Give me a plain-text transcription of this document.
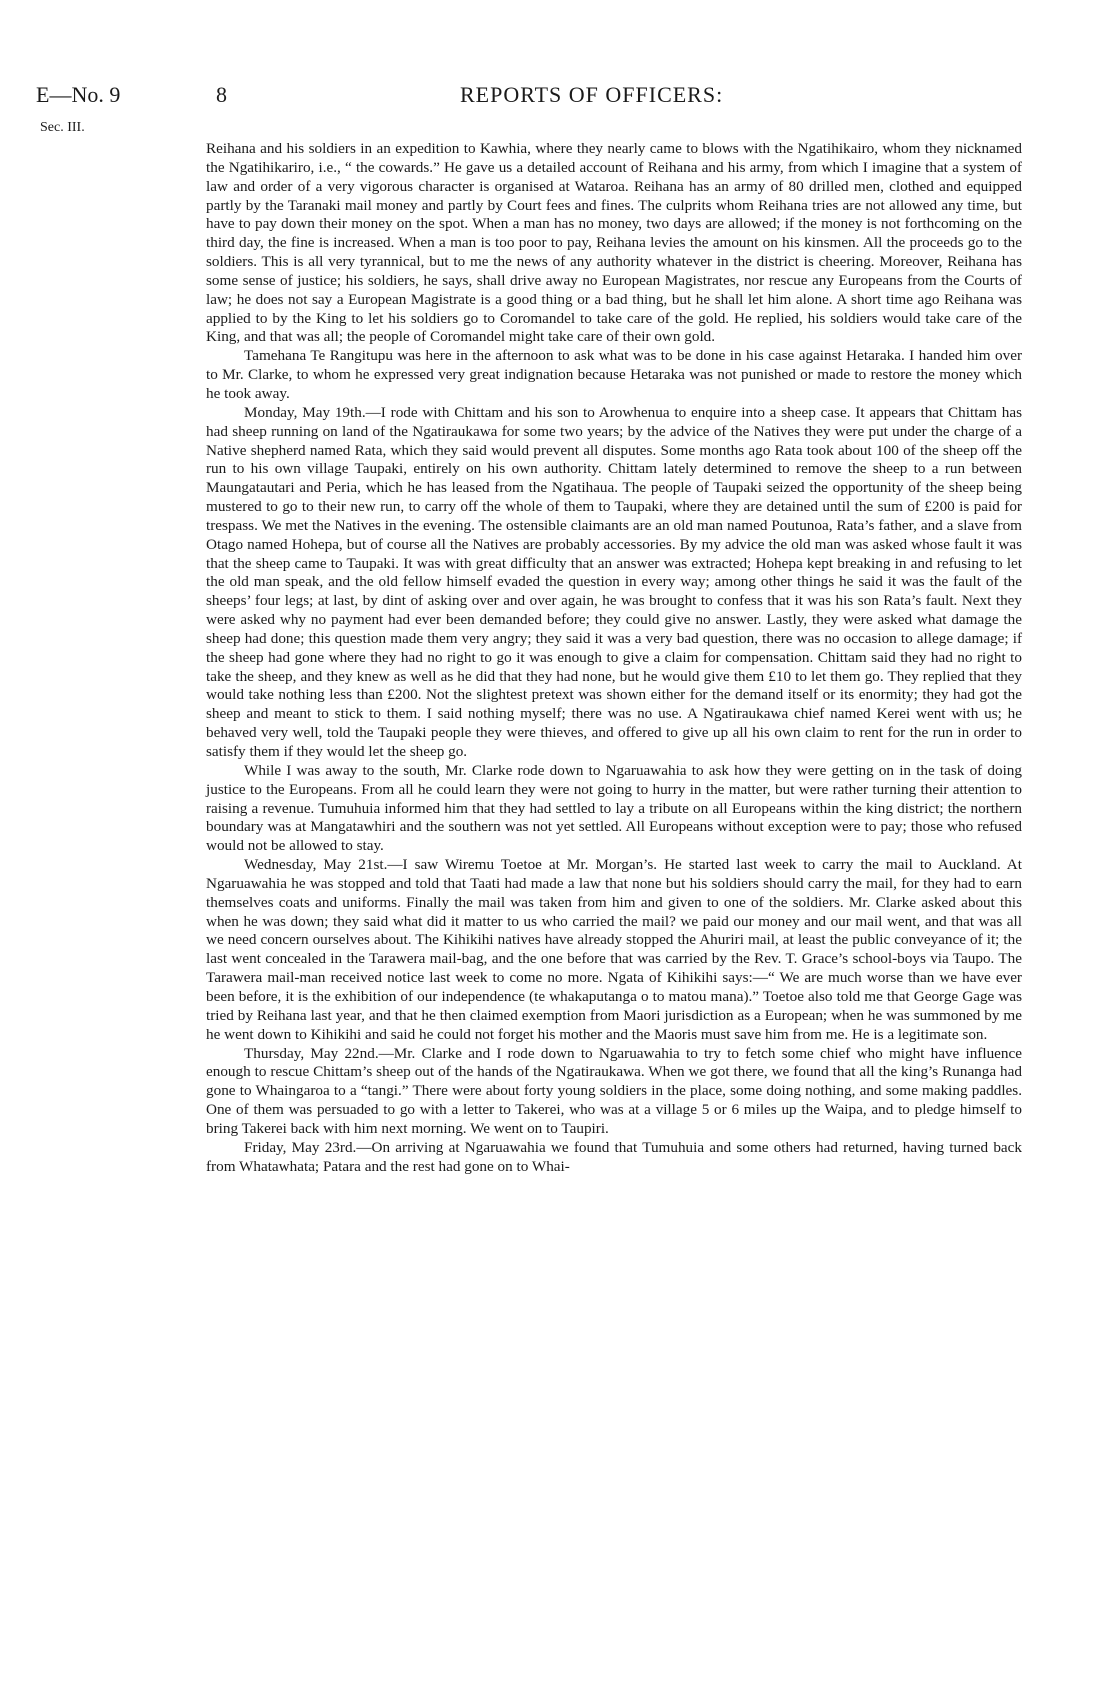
E—No. 9
Sec. III.
8	REPORTS OF OFFICERS:

Reihana and his soldiers in an expedition to Kawhia, where they nearly came to blows with the Ngatihikairo, whom they nicknamed the Ngatihikariro, i.e., “ the cowards.” He gave us a detailed account of Reihana and his army, from which I imagine that a system of law and order of a very vigorous character is organised at Wataroa. Reihana has an army of 80 drilled men, clothed and equipped partly by the Taranaki mail money and partly by Court fees and fines. The culprits whom Reihana tries are not allowed any time, but have to pay down their money on the spot. When a man has no money, two days are allowed; if the money is not forthcoming on the third day, the fine is increased. When a man is too poor to pay, Reihana levies the amount on his kinsmen. All the proceeds go to the soldiers. This is all very tyrannical, but to me the news of any authority whatever in the district is cheering. Moreover, Reihana has some sense of justice; his soldiers, he says, shall drive away no European Magistrates, nor rescue any Europeans from the Courts of law; he does not say a European Magistrate is a good thing or a bad thing, but he shall let him alone. A short time ago Reihana was applied to by the King to let his soldiers go to Coromandel to take care of the gold. He replied, his soldiers would take care of the King, and that was all; the people of Coromandel might take care of their own gold.

Tamehana Te Rangitupu was here in the afternoon to ask what was to be done in his case against Hetaraka. I handed him over to Mr. Clarke, to whom he expressed very great indignation because Hetaraka was not punished or made to restore the money which he took away.

Monday, May 19th.—I rode with Chittam and his son to Arowhenua to enquire into a sheep case. It appears that Chittam has had sheep running on land of the Ngatiraukawa for some two years; by the advice of the Natives they were put under the charge of a Native shepherd named Rata, which they said would prevent all disputes. Some months ago Rata took about 100 of the sheep off the run to his own village Taupaki, entirely on his own authority. Chittam lately determined to remove the sheep to a run between Maungatautari and Peria, which he has leased from the Ngatihaua. The people of Taupaki seized the opportunity of the sheep being mustered to go to their new run, to carry off the whole of them to Taupaki, where they are detained until the sum of £200 is paid for trespass. We met the Natives in the evening. The ostensible claimants are an old man named Poutunoa, Rata’s father, and a slave from Otago named Hohepa, but of course all the Natives are probably accessories. By my advice the old man was asked whose fault it was that the sheep came to Taupaki. It was with great difficulty that an answer was extracted; Hohepa kept breaking in and refusing to let the old man speak, and the old fellow himself evaded the question in every way; among other things he said it was the fault of the sheeps’ four legs; at last, by dint of asking over and over again, he was brought to confess that it was his son Rata’s fault. Next they were asked why no payment had ever been demanded before; they could give no answer. Lastly, they were asked what damage the sheep had done; this question made them very angry; they said it was a very bad question, there was no occasion to allege damage; if the sheep had gone where they had no right to go it was enough to give a claim for compensation. Chittam said they had no right to take the sheep, and they knew as well as he did that they had none, but he would give them £10 to let them go. They replied that they would take nothing less than £200. Not the slightest pretext was shown either for the demand itself or its enormity; they had got the sheep and meant to stick to them. I said nothing myself; there was no use. A Ngatiraukawa chief named Kerei went with us; he behaved very well, told the Taupaki people they were thieves, and offered to give up all his own claim to rent for the run in order to satisfy them if they would let the sheep go.

While I was away to the south, Mr. Clarke rode down to Ngaruawahia to ask how they were getting on in the task of doing justice to the Europeans. From all he could learn they were not going to hurry in the matter, but were rather turning their attention to raising a revenue. Tumuhuia informed him that they had settled to lay a tribute on all Europeans within the king district; the northern boundary was at Mangatawhiri and the southern was not yet settled. All Europeans without exception were to pay; those who refused would not be allowed to stay.

Wednesday, May 21st.—I saw Wiremu Toetoe at Mr. Morgan’s. He started last week to carry the mail to Auckland. At Ngaruawahia he was stopped and told that Taati had made a law that none but his soldiers should carry the mail, for they had to earn themselves coats and uniforms. Finally the mail was taken from him and given to one of the soldiers. Mr. Clarke asked about this when he was down; they said what did it matter to us who carried the mail? we paid our money and our mail went, and that was all we need concern ourselves about. The Kihikihi natives have already stopped the Ahuriri mail, at least the public conveyance of it; the last went concealed in the Tarawera mail-bag, and the one before that was carried by the Rev. T. Grace’s school-boys via Taupo. The Tarawera mail-man received notice last week to come no more. Ngata of Kihikihi says:—“ We are much worse than we have ever been before, it is the exhibition of our independence (te whakaputanga o to matou mana).” Toetoe also told me that George Gage was tried by Reihana last year, and that he then claimed exemption from Maori jurisdiction as a European; when he was summoned by me he went down to Kihikihi and said he could not forget his mother and the Maoris must save him from me. He is a legitimate son.

Thursday, May 22nd.—Mr. Clarke and I rode down to Ngaruawahia to try to fetch some chief who might have influence enough to rescue Chittam’s sheep out of the hands of the Ngatiraukawa. When we got there, we found that all the king’s Runanga had gone to Whaingaroa to a “tangi.” There were about forty young soldiers in the place, some doing nothing, and some making paddles. One of them was persuaded to go with a letter to Takerei, who was at a village 5 or 6 miles up the Waipa, and to pledge himself to bring Takerei back with him next morning. We went on to Taupiri.

Friday, May 23rd.—On arriving at Ngaruawahia we found that Tumuhuia and some others had returned, having turned back from Whatawhata; Patara and the rest had gone on to Whai-
